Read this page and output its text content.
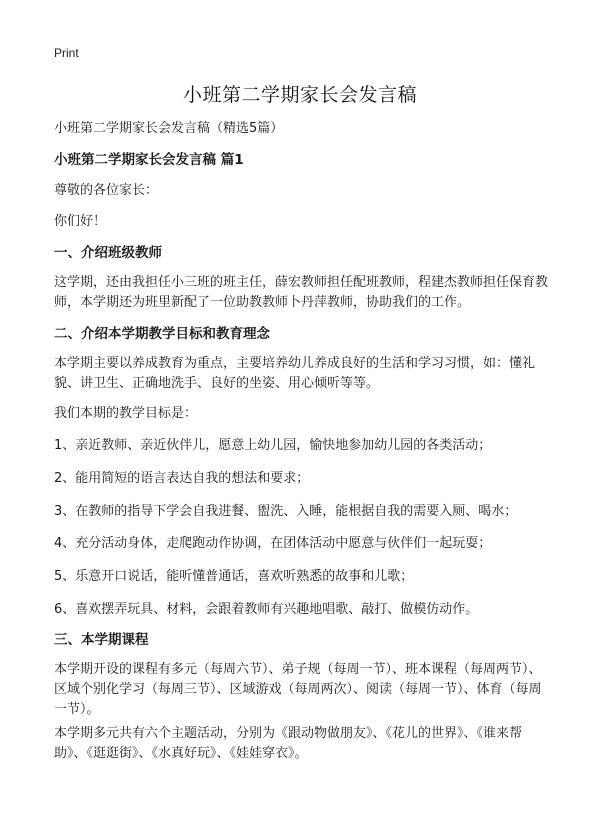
Print
小班第二学期家长会发言稿
小班第二学期家长会发言稿（精选5篇）
小班第二学期家长会发言稿 篇1
尊敬的各位家长：
你们好！
一、介绍班级教师
这学期，还由我担任小三班的班主任，薛宏教师担任配班教师，程建杰教师担任保育教师，本学期还为班里新配了一位助教教师卜丹萍教师，协助我们的工作。
二、介绍本学期教学目标和教育理念
本学期主要以养成教育为重点，主要培养幼儿养成良好的生活和学习习惯，如：懂礼貌、讲卫生、正确地洗手、良好的坐姿、用心倾听等等。
我们本期的教学目标是：
1、亲近教师、亲近伙伴儿，愿意上幼儿园，愉快地参加幼儿园的各类活动；
2、能用简短的语言表达自我的想法和要求；
3、在教师的指导下学会自我进餐、盥洗、入睡，能根据自我的需要入厕、喝水；
4、充分活动身体，走爬跑动作协调，在团体活动中愿意与伙伴们一起玩耍；
5、乐意开口说话，能听懂普通话，喜欢听熟悉的故事和儿歌；
6、喜欢摆弄玩具、材料，会跟着教师有兴趣地唱歌、敲打、做模仿动作。
三、本学期课程
本学期开设的课程有多元（每周六节）、弟子规（每周一节）、班本课程（每周两节）、区域个别化学习（每周三节）、区域游戏（每周两次）、阅读（每周一节）、体育（每周一节）。
本学期多元共有六个主题活动，分别为《跟动物做朋友》、《花儿的世界》、《谁来帮助》、《逛逛街》、《水真好玩》、《娃娃穿衣》。
